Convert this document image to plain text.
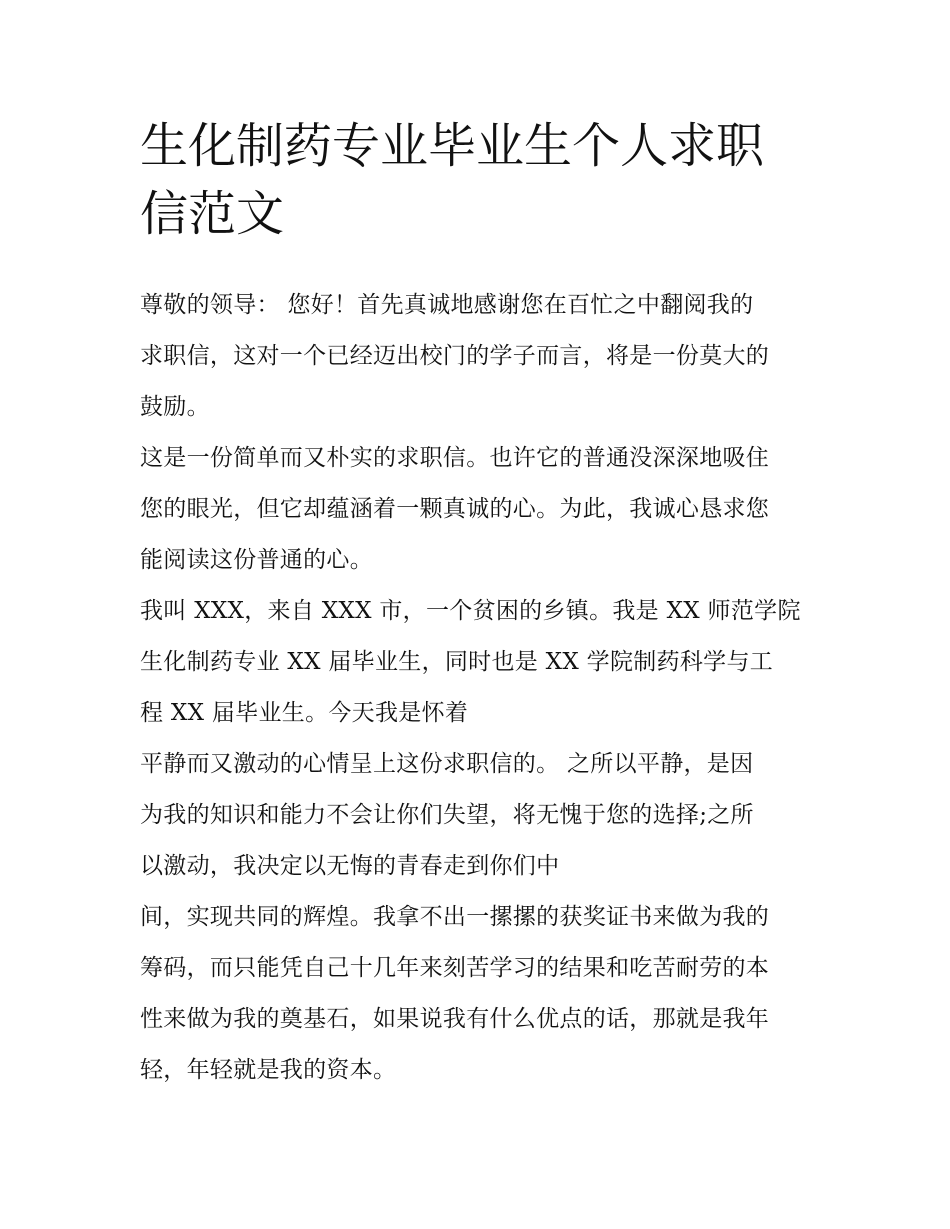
生化制药专业毕业生个人求职
信范文
尊敬的领导： 您好！首先真诚地感谢您在百忙之中翻阅我的
求职信，这对一个已经迈出校门的学子而言，将是一份莫大的
鼓励。
这是一份简单而又朴实的求职信。也许它的普通没深深地吸住
您的眼光，但它却蕴涵着一颗真诚的心。为此，我诚心恳求您
能阅读这份普通的心。
我叫 XXX，来自 XXX 市，一个贫困的乡镇。我是 XX 师范学院
生化制药专业 XX 届毕业生，同时也是 XX 学院制药科学与工
程 XX 届毕业生。今天我是怀着
平静而又激动的心情呈上这份求职信的。 之所以平静，是因
为我的知识和能力不会让你们失望，将无愧于您的选择;之所
以激动，我决定以无悔的青春走到你们中
间，实现共同的辉煌。我拿不出一摞摞的获奖证书来做为我的
筹码，而只能凭自己十几年来刻苦学习的结果和吃苦耐劳的本
性来做为我的奠基石，如果说我有什么优点的话，那就是我年
轻，年轻就是我的资本。
